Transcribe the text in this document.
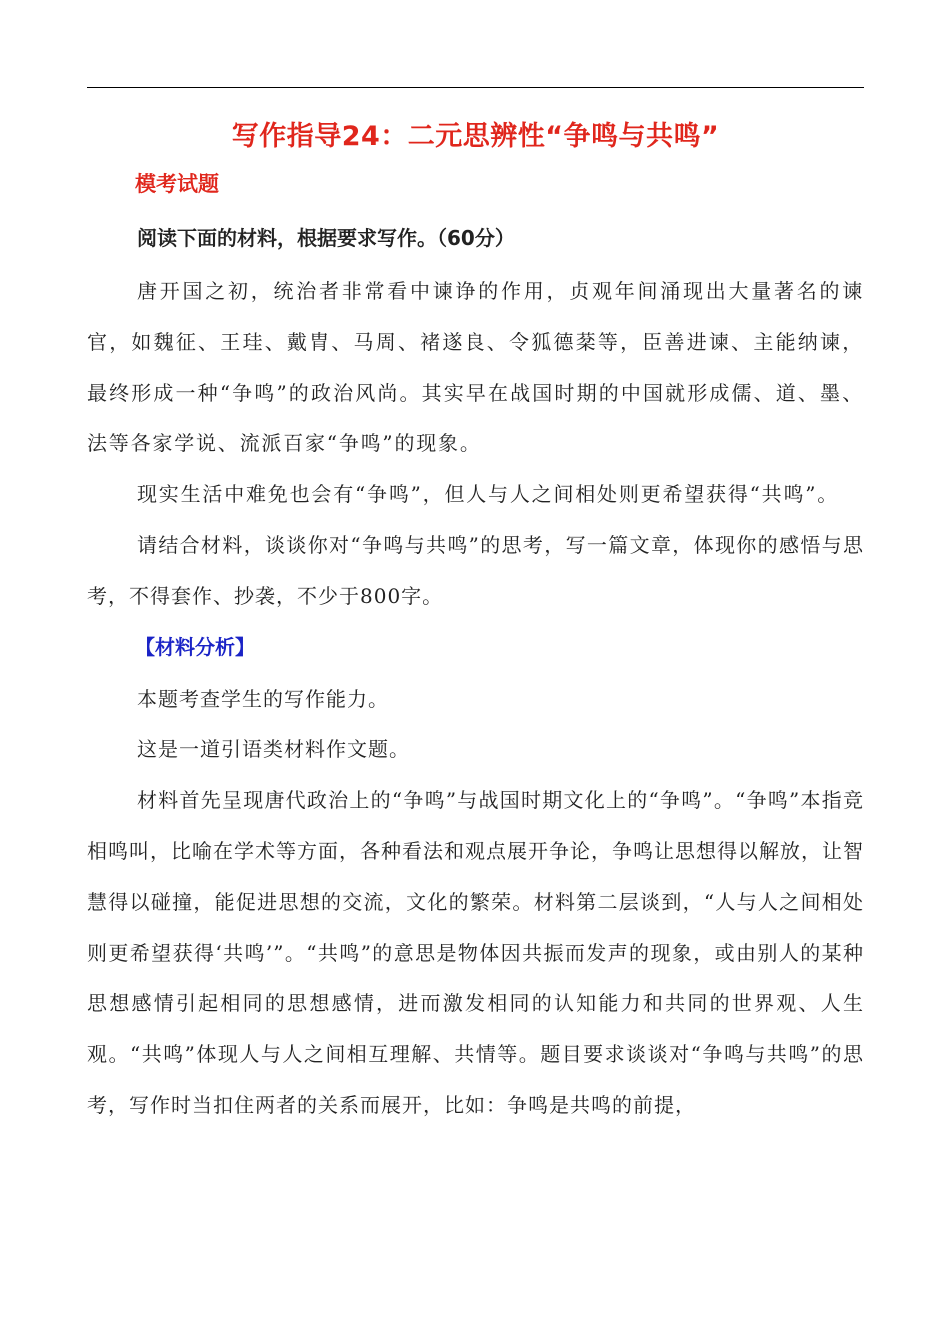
写作指导24：二元思辨性“争鸣与共鸣”
模考试题
阅读下面的材料，根据要求写作。（60分）

唐开国之初，统治者非常看中谏诤的作用，贞观年间涌现出大量著名的谏官，如魏征、王珪、戴胄、马周、褚遂良、令狐德棻等，臣善进谏、主能纳谏，最终形成一种“争鸣”的政治风尚。其实早在战国时期的中国就形成儒、道、墨、法等各家学说、流派百家“争鸣”的现象。

现实生活中难免也会有“争鸣”，但人与人之间相处则更希望获得“共鸣”。

请结合材料，谈谈你对“争鸣与共鸣”的思考，写一篇文章，体现你的感悟与思考，不得套作、抄袭，不少于800字。

【材料分析】

本题考查学生的写作能力。

这是一道引语类材料作文题。

材料首先呈现唐代政治上的“争鸣”与战国时期文化上的“争鸣”。“争鸣”本指竞相鸣叫，比喻在学术等方面，各种看法和观点展开争论，争鸣让思想得以解放，让智慧得以碰撞，能促进思想的交流，文化的繁荣。材料第二层谈到，“人与人之间相处则更希望获得‘共鸣’”。“共鸣”的意思是物体因共振而发声的现象，或由别人的某种思想感情引起相同的思想感情，进而激发相同的认知能力和共同的世界观、人生观。“共鸣”体现人与人之间相互理解、共情等。题目要求谈谈对“争鸣与共鸣”的思考，写作时当扣住两者的关系而展开，比如：争鸣是共鸣的前提，
